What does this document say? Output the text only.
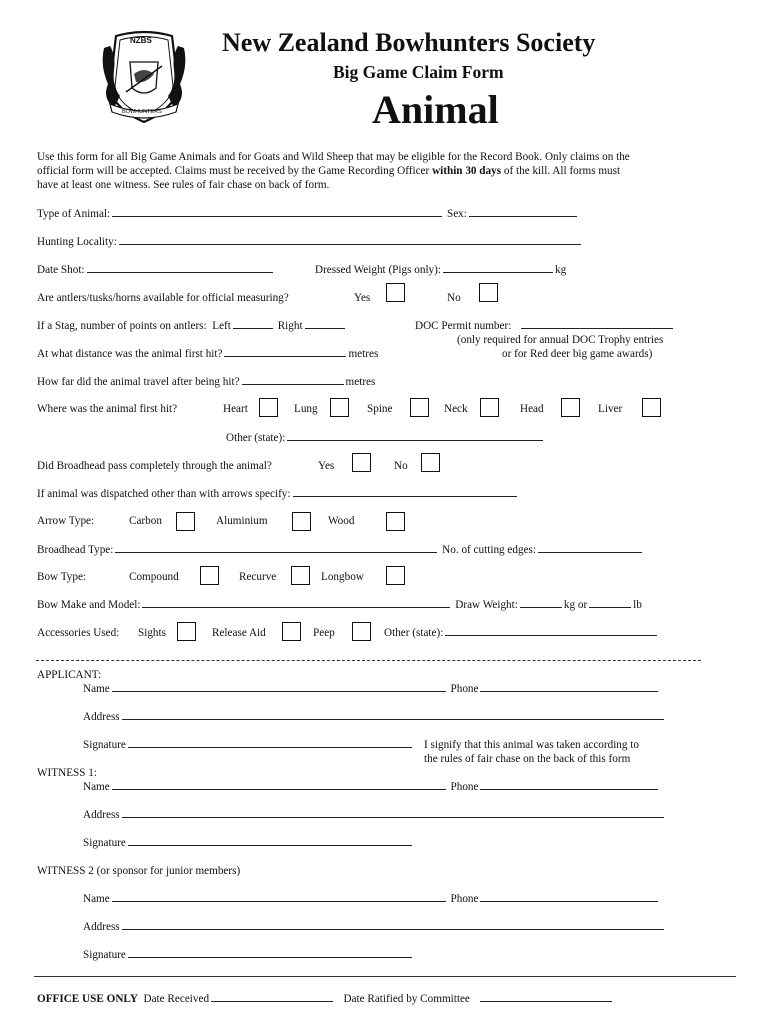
NZBS
BOWHUNTERS
New Zealand Bowhunters Society
Big Game Claim Form
Animal
Use this form for all Big Game Animals and for Goats and Wild Sheep that may be eligible for the Record Book. Only claims on the
official form will be accepted. Claims must be received by the Game Recording Officer within 30 days of the kill. All forms must
have at least one witness. See rules of fair chase on back of form.
Type of Animal:	Sex:
Hunting Locality:
Date Shot:	Dressed Weight (Pigs only):	kg
Are antlers/tusks/horns available for official measuring?	Yes	No
If a Stag, number of points on antlers: Left	Right	DOC Permit number:
(only required for annual DOC Trophy entries
or for Red deer big game awards)
At what distance was the animal first hit?	metres
How far did the animal travel after being hit?	metres
Where was the animal first hit?	Heart	Lung	Spine	Neck	Head	Liver
Other (state):
Did Broadhead pass completely through the animal?	Yes	No
If animal was dispatched other than with arrows specify:
Arrow Type:	Carbon	Aluminium	Wood
Broadhead Type:	No. of cutting edges:
Bow Type:	Compound	Recurve	Longbow
Bow Make and Model:	Draw Weight:	kg or	lb
Accessories Used: Sights	Release Aid	Peep	Other (state):
APPLICANT:
Name	Phone
Address
Signature	I signify that this animal was taken according to
the rules of fair chase on the back of this form
WITNESS 1:
Name	Phone
Address
Signature
WITNESS 2 (or sponsor for junior members)
Name	Phone
Address
Signature
OFFICE USE ONLY Date Received	Date Ratified by Committee
